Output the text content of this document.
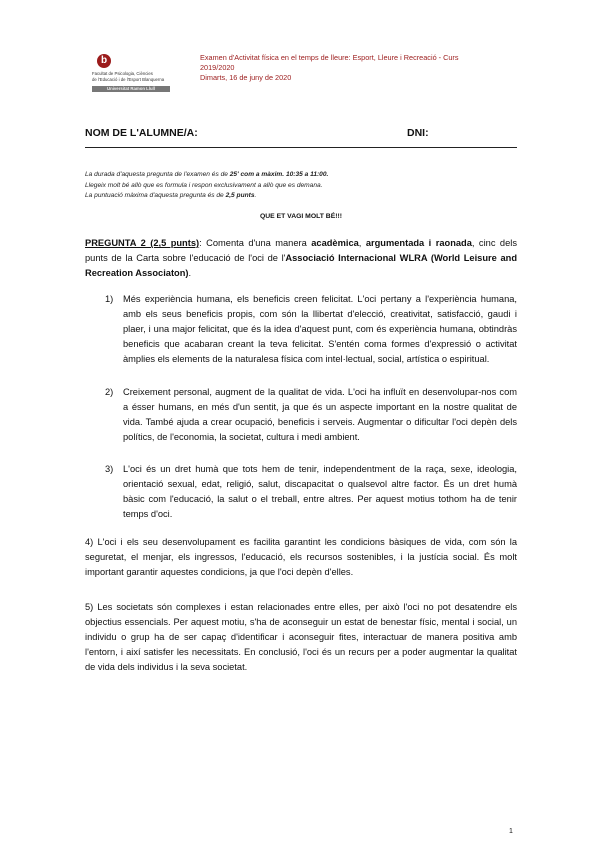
b
Facultat de Psicologia, Ciències
de l'Educació i de l'Esport Blanquerna
Universitat Ramon Llull
Examen d'Activitat física en el temps de lleure: Esport, Lleure i Recreació - Curs
2019/2020
Dimarts, 16 de juny de 2020
NOM DE L'ALUMNE/A:	DNI:
La durada d'aquesta pregunta de l'examen és de 25' com a màxim. 10:35 a 11:00.
Llegeix molt bé allò que es formula i respon exclusivament a allò que es demana.
La puntuació màxima d'aquesta pregunta és de 2,5 punts.
QUE ET VAGI MOLT BÉ!!!
PREGUNTA 2 (2,5 punts): Comenta d'una manera acadèmica, argumentada i raonada, cinc dels punts de la Carta sobre l'educació de l'oci de l'Associació Internacional WLRA (World Leisure and Recreation Associaton).
1) Més experiència humana, els beneficis creen felicitat. L'oci pertany a l'experiència humana, amb els seus beneficis propis, com són la llibertat d'elecció, creativitat, satisfacció, gaudi i plaer, i una major felicitat, que és la idea d'aquest punt, com és experiència humana, obtindràs beneficis que acabaran creant la teva felicitat. S'entén coma formes d'expressió o activitat àmplies els elements de la naturalesa física com intel·lectual, social, artística o espiritual.
2) Creixement personal, augment de la qualitat de vida. L'oci ha influït en desenvolupar-nos com a ésser humans, en més d'un sentit, ja que és un aspecte important en la nostre qualitat de vida. També ajuda a crear ocupació, beneficis i serveis. Augmentar o dificultar l'oci depèn dels polítics, de l'economia, la societat, cultura i medi ambient.
3) L'oci és un dret humà que tots hem de tenir, independentment de la raça, sexe, ideologia, orientació sexual, edat, religió, salut, discapacitat o qualsevol altre factor. És un dret humà bàsic com l'educació, la salut o el treball, entre altres. Per aquest motius tothom ha de tenir temps d'oci.
4) L'oci i els seu desenvolupament es facilita garantint les condicions bàsiques de vida, com són la seguretat, el menjar, els ingressos, l'educació, els recursos sostenibles, i la justícia social. És molt important garantir aquestes condicions, ja que l'oci depèn d'elles.
5) Les societats són complexes i estan relacionades entre elles, per això l'oci no pot desatendre els objectius essencials. Per aquest motiu, s'ha de aconseguir un estat de benestar físic, mental i social, un individu o grup ha de ser capaç d'identificar i aconseguir fites, interactuar de manera positiva amb l'entorn, i així satisfer les necessitats. En conclusió, l'oci és un recurs per a poder augmentar la qualitat de vida dels individus i la seva societat.
1
